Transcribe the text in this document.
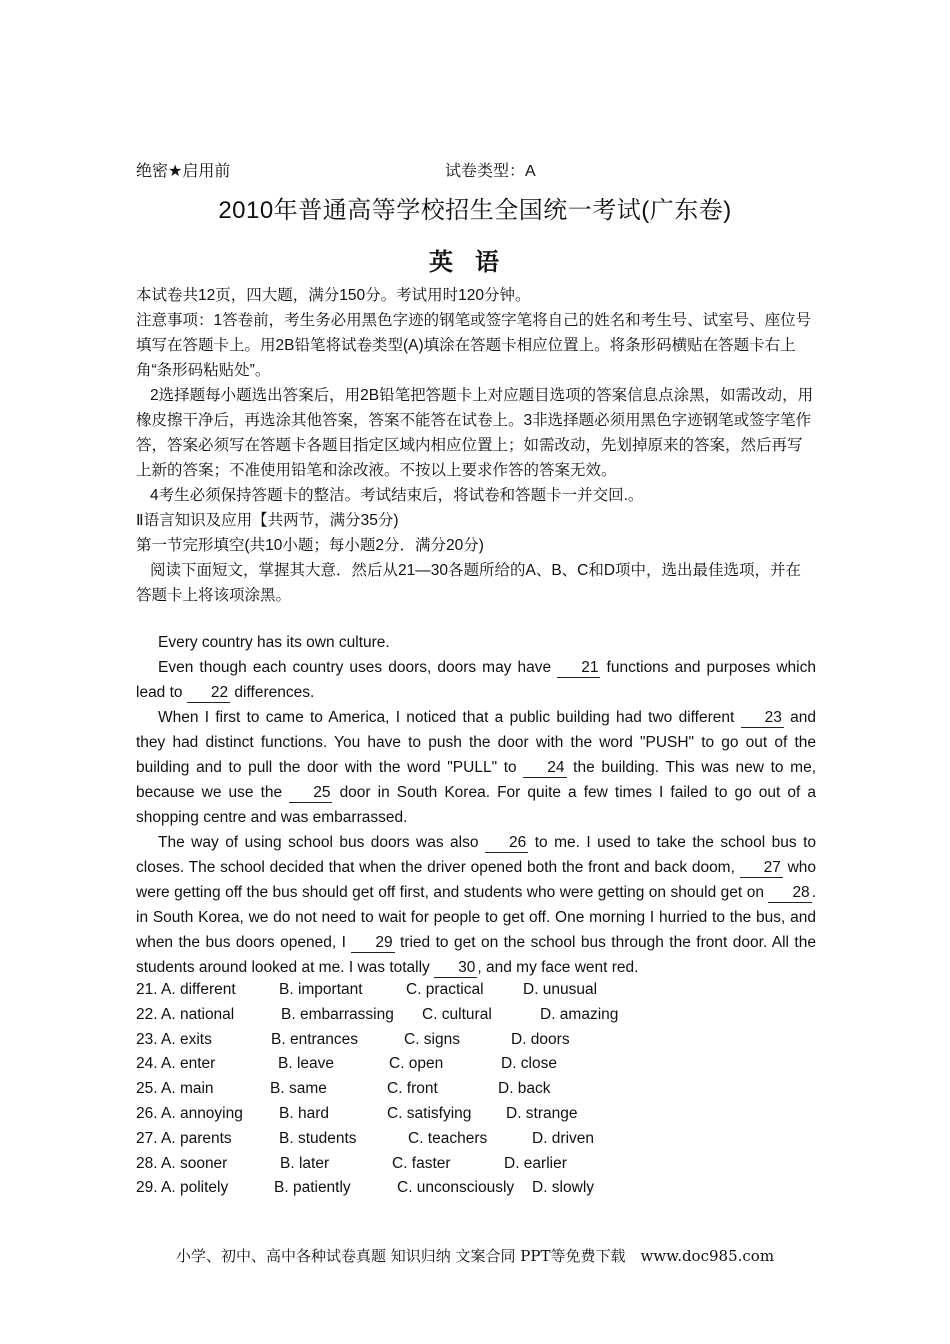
绝密★启用前	试卷类型：A
2010年普通高等学校招生全国统一考试(广东卷)
英语

本试卷共12页，四大题，满分150分。考试用时120分钟。

注意事项：1答卷前，考生务必用黑色字迹的钢笔或签字笔将自己的姓名和考生号、试室号、座位号填写在答题卡上。用2B铅笔将试卷类型(A)填涂在答题卡相应位置上。将条形码横贴在答题卡右上角“条形码粘贴处”。

2选择题每小题选出答案后，用2B铅笔把答题卡上对应题目选项的答案信息点涂黑，如需改动，用橡皮擦干净后，再选涂其他答案，答案不能答在试卷上。3非选择题必须用黑色字迹钢笔或签字笔作答，答案必须写在答题卡各题目指定区域内相应位置上；如需改动，先划掉原来的答案，然后再写上新的答案；不准使用铅笔和涂改液。不按以上要求作答的答案无效。

4考生必须保持答题卡的整洁。考试结束后，将试卷和答题卡一并交回.。

Ⅱ语言知识及应用【共两节，满分35分)

第一节完形填空(共10小题；每小题2分．满分20分)

阅读下面短文，掌握其大意．然后从21—30各题所给的A、B、C和D项中，选出最佳选项，并在答题卡上将该项涂黑。

Every country has its own culture.

Even though each country uses doors, doors may have 21 functions and purposes which lead to 22 differences.

When I first to came to America, I noticed that a public building had two different 23 and they had distinct functions. You have to push the door with the word "PUSH" to go out of the building and to pull the door with the word "PULL" to 24 the building. This was new to me, because we use the 25 door in South Korea. For quite a few times I failed to go out of a shopping centre and was embarrassed.

The way of using school bus doors was also 26 to me. I used to take the school bus to closes. The school decided that when the driver opened both the front and back doom, 27 who were getting off the bus should get off first, and students who were getting on should get on 28 . in South Korea, we do not need to wait for people to get off. One morning I hurried to the bus, and when the bus doors opened, I 29 tried to get on the school bus through the front door. All the students around looked at me. I was totally 30 , and my face went red.

21. A. different	B. important	C. practical	D. unusual
22. A. national	B. embarrassing C. cultural	D. amazing
23. A. exits	B. entrances	C. signs	D. doors
24. A. enter	B. leave	C. open	D. close
25. A. main	B. same	C. front	D. back
26. A. annoying B. hard	C. satisfying D. strange
27. A. parents	B. students	C. teachers	D. driven
28. A. sooner	B. later	C. faster	D. earlier
29. A. politely	B. patiently	C. unconsciously D. slowly
小学、初中、高中各种试卷真题 知识归纳 文案合同 PPT等免费下载　www.doc985.com
